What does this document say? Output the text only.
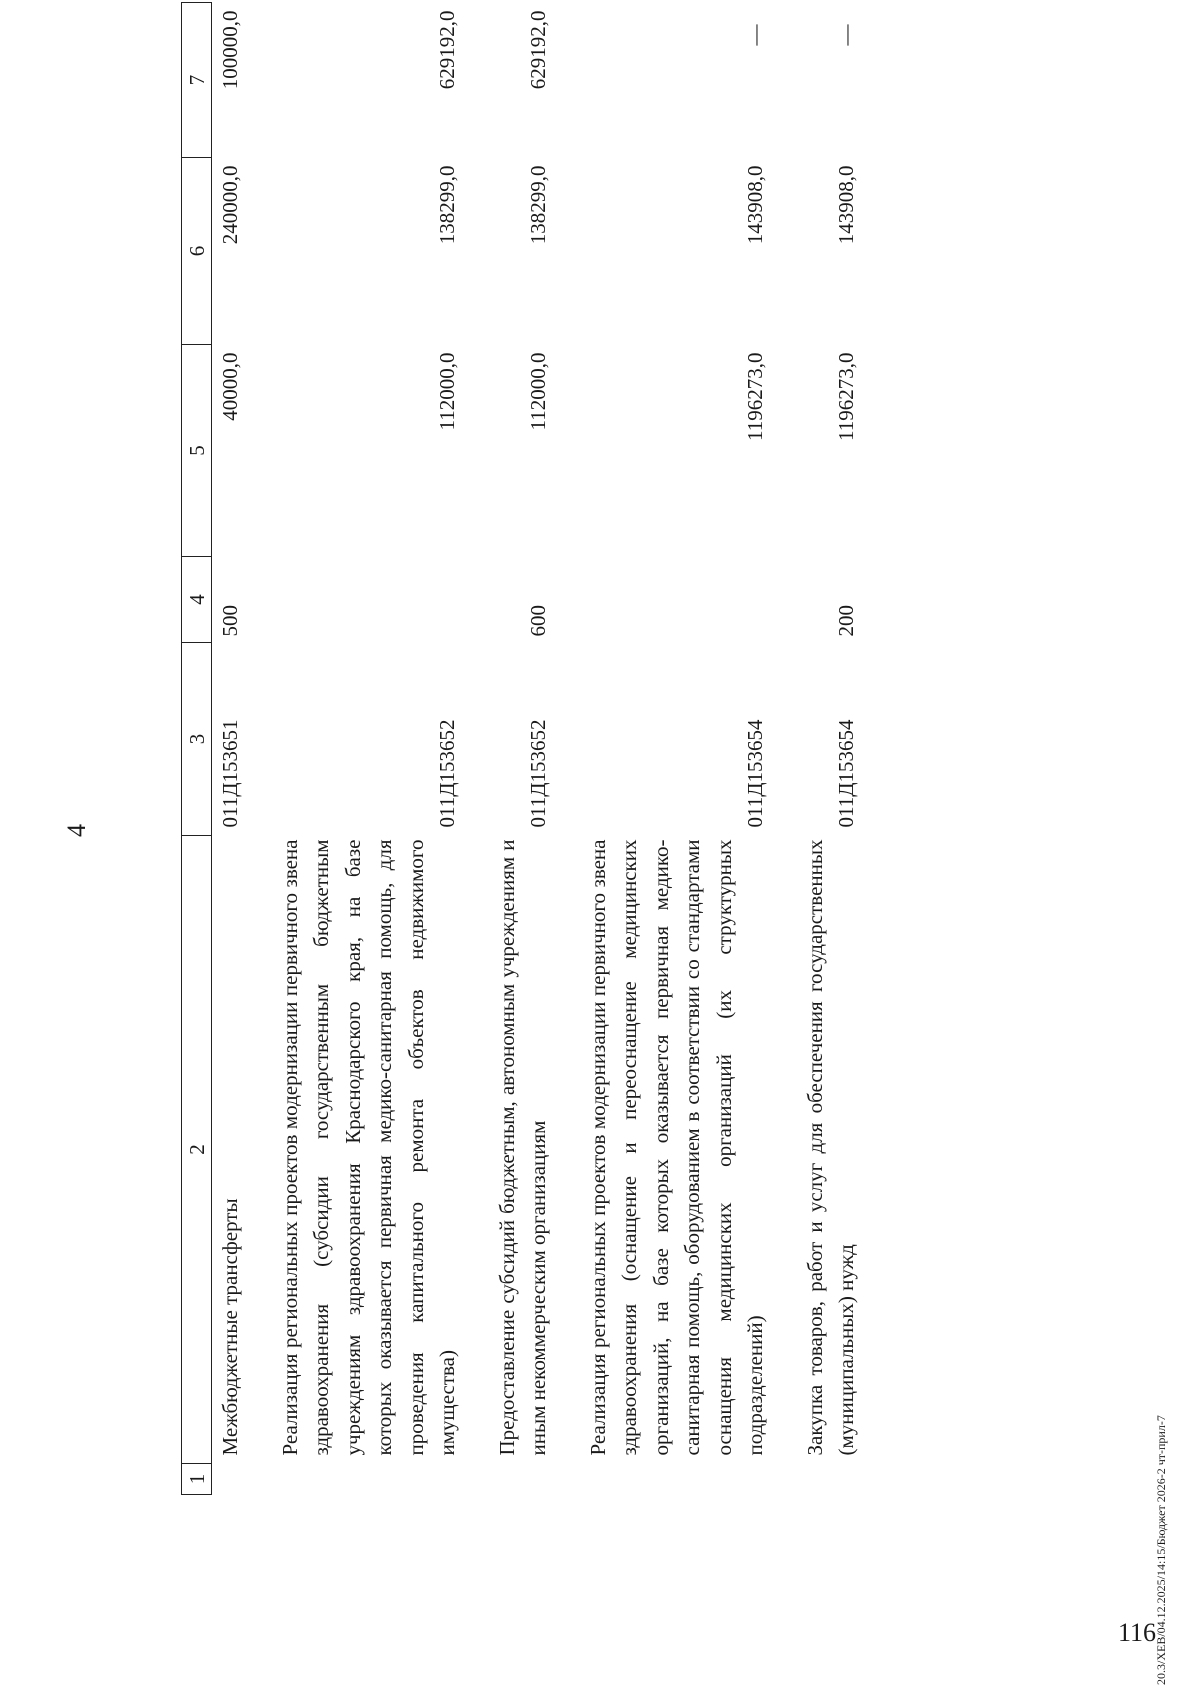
4
1	2	3	4	5	6	7
	Межбюджетные трансферты	011Д153651	500	40000,0	240000,0	100000,0

	Реализация региональных проектов модернизации первичного звена здравоохранения (субсидии государственным бюджетным учреждениям здравоохранения Краснодарского края, на базе которых оказывается первичная медико-санитарная помощь, для проведения капитального ремонта объектов недвижимого имущества)	011Д153652		112000,0	138299,0	629192,0

	Предоставление субсидий бюджетным, автономным учреждениям и иным некоммерческим организациям	011Д153652	600	112000,0	138299,0	629192,0

	Реализация региональных проектов модернизации первичного звена здравоохранения (оснащение и переоснащение медицинских организаций, на базе которых оказывается первичная медико-санитарная помощь, оборудованием в соответствии со стандартами оснащения медицинских организаций (их структурных подразделений)	011Д153654		1196273,0	143908,0	—

	Закупка товаров, работ и услуг для обеспечения государственных (муниципальных) нужд	011Д153654	200	1196273,0	143908,0	—
20.3/ХЕВ/04.12.2025/14:15/Бюджет 2026-2 чт-прил-7
116
